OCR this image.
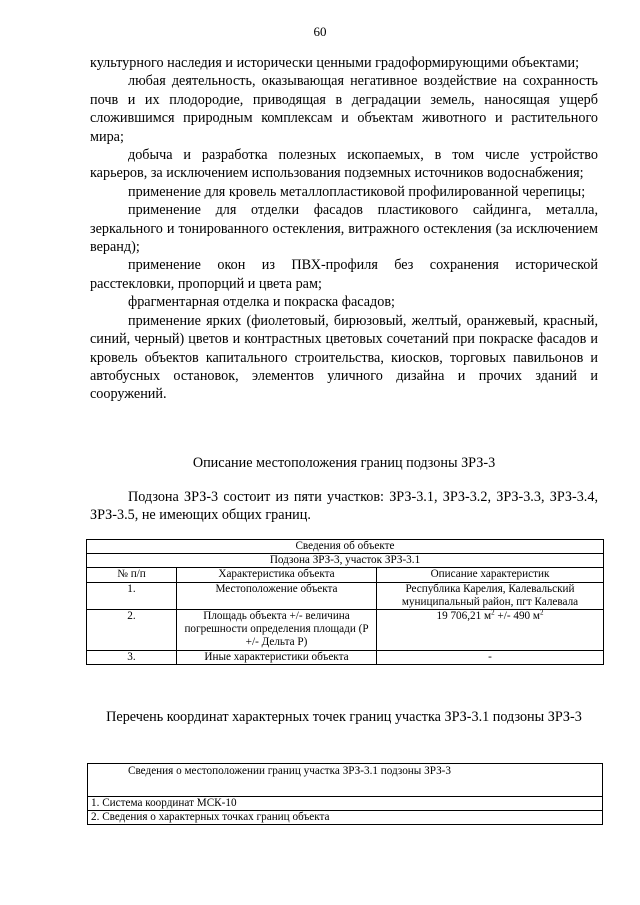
60

культурного наследия и исторически ценными градоформирующими объектами;

любая деятельность, оказывающая негативное воздействие на сохранность почв и их плодородие, приводящая в деградации земель, наносящая ущерб сложившимся природным комплексам и объектам животного и растительного мира;

добыча и разработка полезных ископаемых, в том числе устройство карьеров, за исключением использования подземных источников водоснабжения;

применение для кровель металлопластиковой профилированной черепицы;

применение для отделки фасадов пластикового сайдинга, металла, зеркального и тонированного остекления, витражного остекления (за исключением веранд);

применение окон из ПВХ-профиля без сохранения исторической расстекловки, пропорций и цвета рам;

фрагментарная отделка и покраска фасадов;

применение ярких (фиолетовый, бирюзовый, желтый, оранжевый, красный, синий, черный) цветов и контрастных цветовых сочетаний при покраске фасадов и кровель объектов капитального строительства, киосков, торговых павильонов и автобусных остановок, элементов уличного дизайна и прочих зданий и сооружений.

Описание местоположения границ подзоны ЗРЗ-3

Подзона ЗРЗ-3 состоит из пяти участков: ЗРЗ-3.1, ЗРЗ-3.2, ЗРЗ-3.3, ЗРЗ-3.4, ЗРЗ-3.5, не имеющих общих границ.

Сведения об объекте		
Подзона ЗРЗ-3, участок ЗРЗ-3.1		
№ п/п	Характеристика объекта	Описание характеристик
1.	Местоположение объекта	Республика Карелия, Калевальский муниципальный район, пгт Калевала
2.	Площадь объекта +/- величина погрешности определения площади (Р +/- Дельта Р)	19 706,21 $м^2$ +/- 490 $м^2$
3.	Иные характеристики объекта	-
Перечень координат характерных точек границ участка ЗРЗ-3.1 подзоны ЗРЗ-3
Сведения о местоположении границ участка ЗРЗ-3.1 подзоны ЗРЗ-3
1. Система координат МСК-10
2. Сведения о характерных точках границ объекта
